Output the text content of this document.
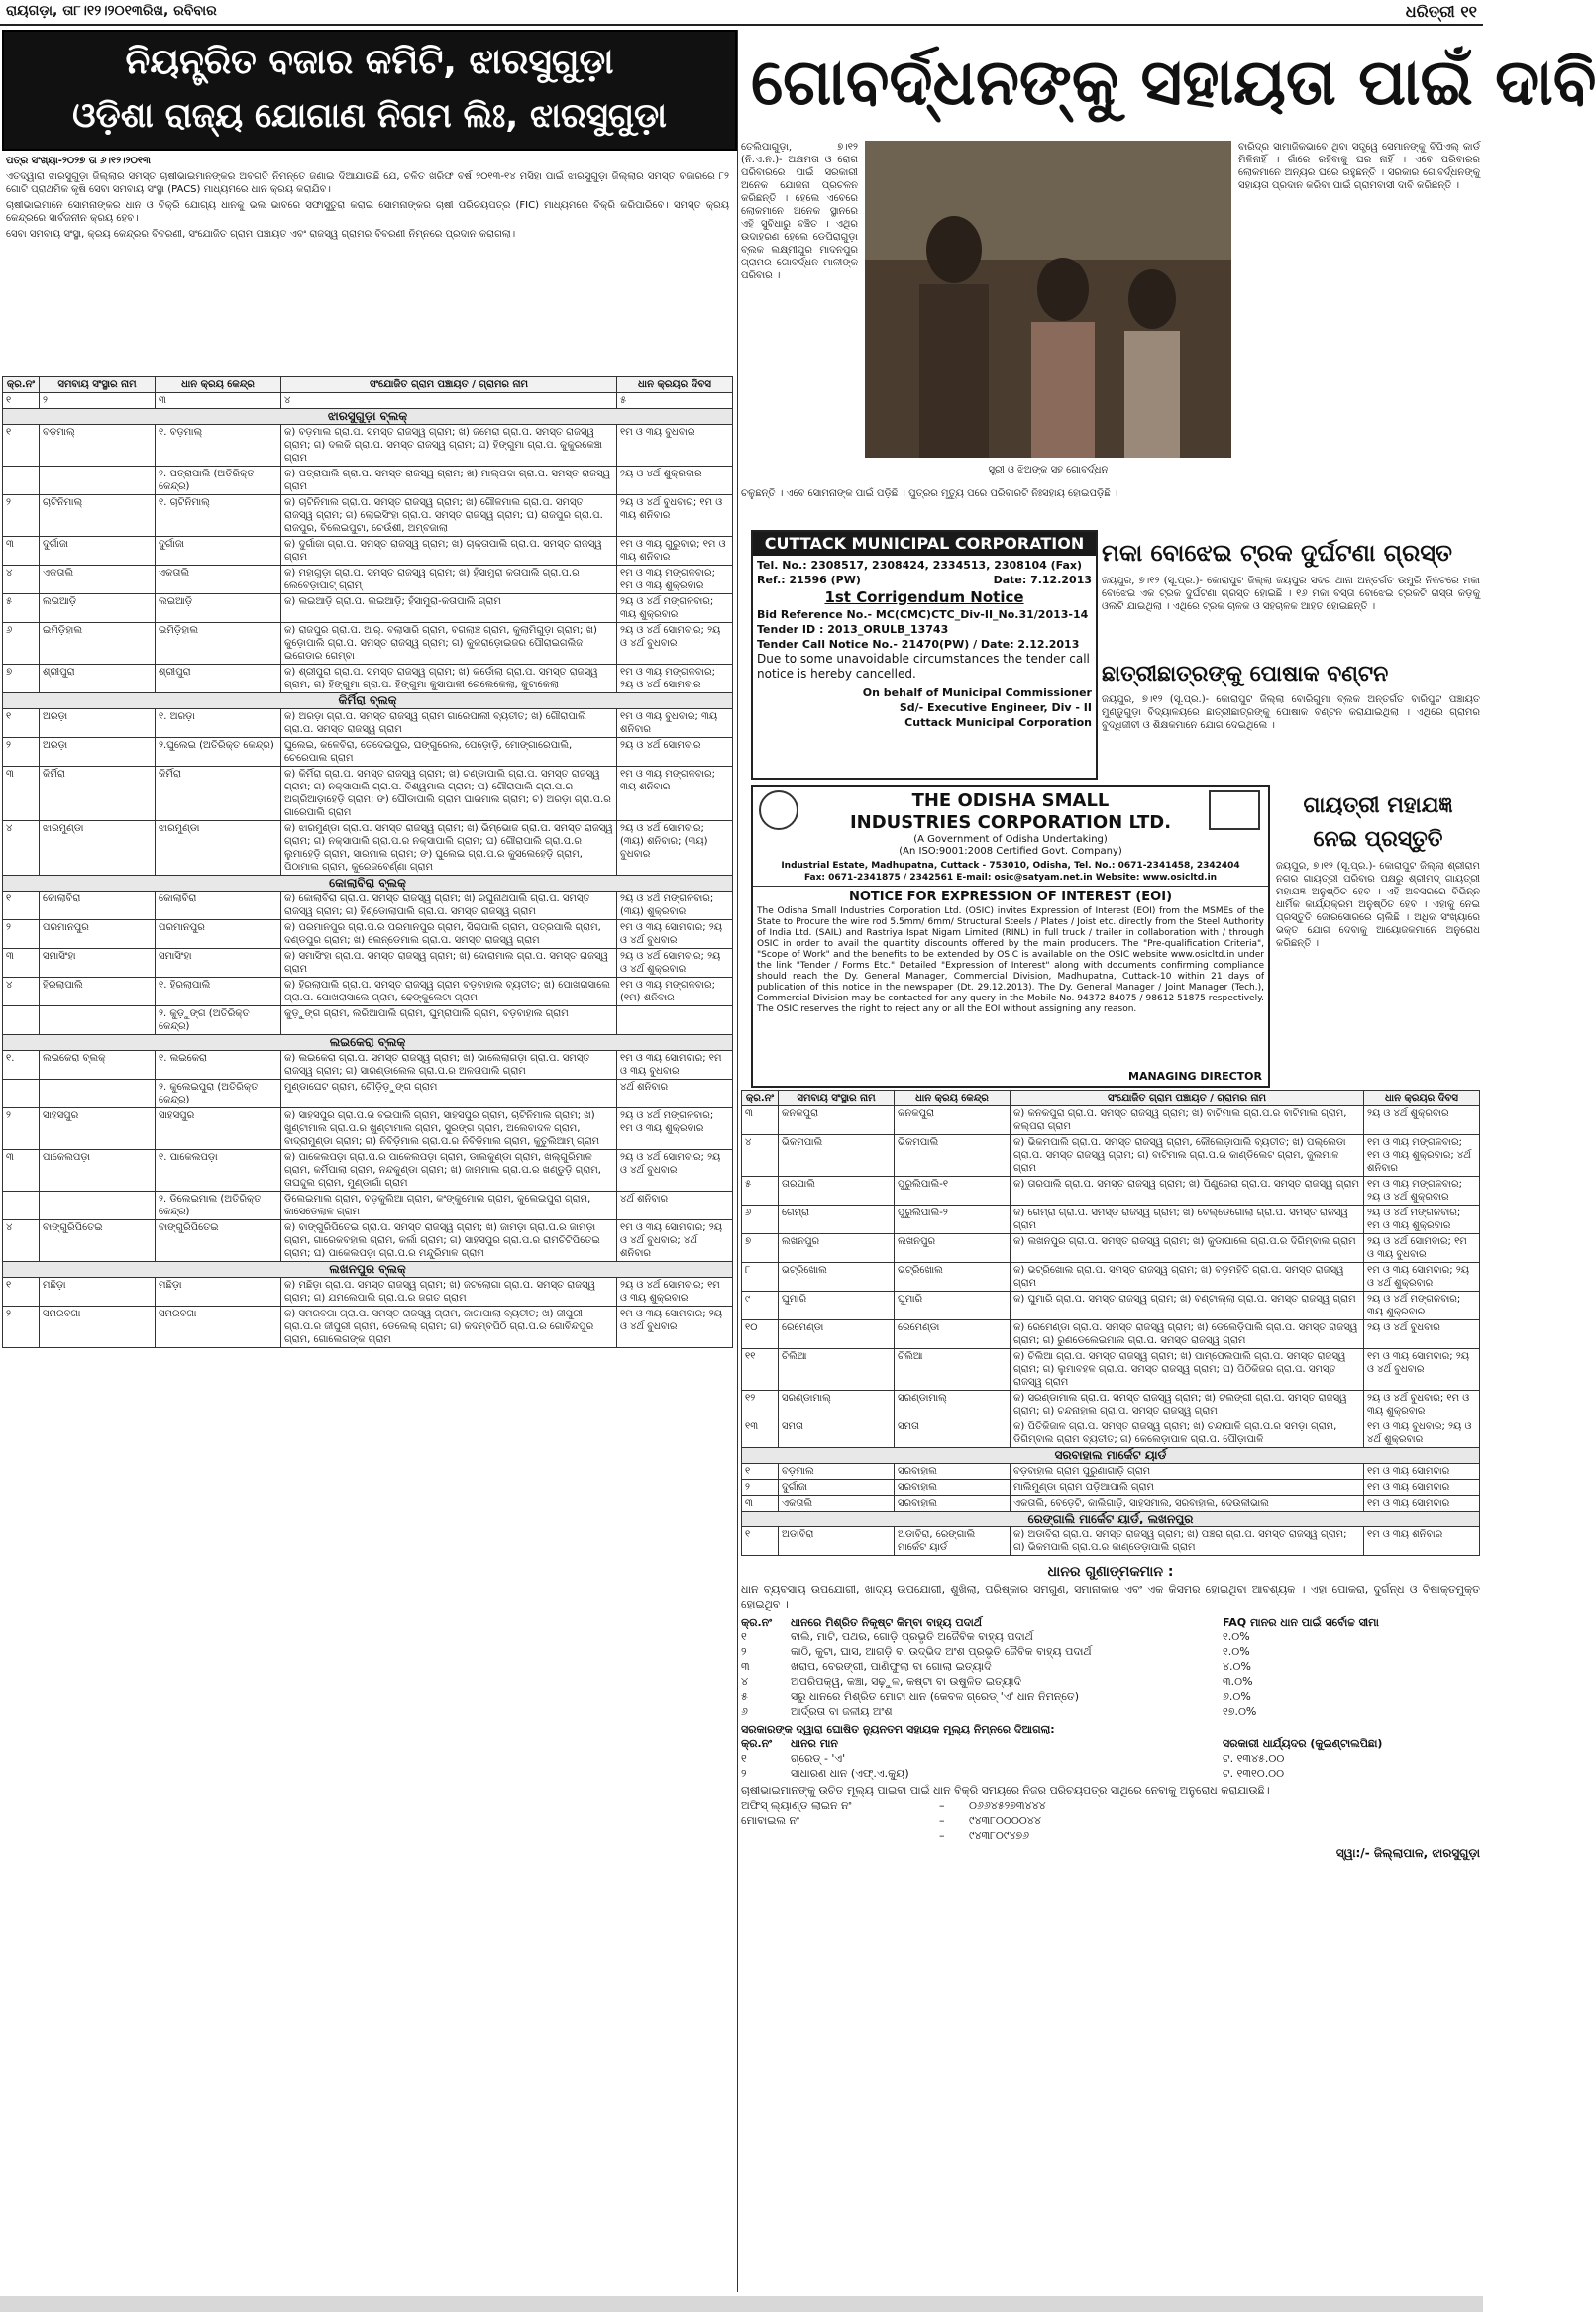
ରାୟଗଡ଼ା, ତା୮।୧୨।୨୦୧୩ରିଖ, ରବିବାର	ଧରିତ୍ରୀ ୧୧
ନିୟନ୍ତ୍ରିତ ବଜାର କମିଟି, ଝାରସୁଗୁଡ଼ା
ଓଡ଼ିଶା ରାଜ୍ୟ ଯୋଗାଣ ନିଗମ ଲିଃ, ଝାରସୁଗୁଡ଼ା
ପତ୍ର ସଂଖ୍ୟା-୨୦୨୭ ତା ୬।୧୨।୨୦୧୩
ଏତଦ୍ୱାରା ଝାରସୁଗୁଡ଼ା ଜିଲ୍ଲାର ସମସ୍ତ ଚାଷୀଭାଇମାନଙ୍କର ଅବଗତି ନିମନ୍ତେ ଜଣାଇ ଦିଆଯାଉଛି ଯେ, ଚଳିତ ଖରିଫ ବର୍ଷ ୨୦୧୩-୧୪ ମସିହା ପାଇଁ ଝାରସୁଗୁଡ଼ା ଜିଲ୍ଲାର ସମସ୍ତ ବଜାରରେ ୮୨ ଗୋଟି ପ୍ରାଥମିକ କୃଷି ସେବା ସମବାୟ ସଂସ୍ଥା (PACS) ମାଧ୍ୟମରେ ଧାନ କ୍ରୟ କରାଯିବ।
ଚାଷୀଭାଇମାନେ ସୋମନାଙ୍କର ଧାନ ଓ ବିକ୍ରି ଯୋଗ୍ୟ ଧାନକୁ ଭଲ ଭାବରେ ସଫାସୁତୁରା କରାଇ ସୋମନାଙ୍କର ଚାଷୀ ପରିଚୟପତ୍ର (FIC) ମାଧ୍ୟମରେ ବିକ୍ରି କରିପାରିବେ। ସମସ୍ତ କ୍ରୟ କେନ୍ଦ୍ରରେ ସାର୍ବଜନୀନ କ୍ରୟ ହେବ।
ସେବା ସମବାୟ ସଂସ୍ଥା, କ୍ରୟ କେନ୍ଦ୍ରର ବିବରଣୀ, ସଂଯୋଜିତ ଗ୍ରାମ ପଞ୍ଚାୟତ ଏବଂ ରାଜସ୍ୱ ଗ୍ରାମର ବିବରଣୀ ନିମ୍ନରେ ପ୍ରଦାନ କରାଗଲା।
କ୍ର.ନଂ	ସମବାୟ ସଂସ୍ଥାର ନାମ	ଧାନ କ୍ରୟ କେନ୍ଦ୍ର	ସଂଯୋଜିତ ଗ୍ରାମ ପଞ୍ଚାୟତ / ଗ୍ରାମର ନାମ	ଧାନ କ୍ରୟର ଦିବସ
୧	୨	୩	୪	୫
ଝାରସୁଗୁଡ଼ା ବ୍ଲକ୍				
୧	ବଡ଼ମାଲ୍	୧. ବଡ଼ମାଲ୍	କ) ବଡ଼ମାଲ ଗ୍ରା.ପ. ସମସ୍ତ ରାଜସ୍ୱ ଗ୍ରାମ; ଖ) ଜମେରା ଗ୍ରା.ପ. ସମସ୍ତ ରାଜସ୍ୱ ଗ୍ରାମ; ଗ) ଦଲକି ଗ୍ରା.ପ. ସମସ୍ତ ରାଜସ୍ୱ ଗ୍ରାମ; ଘ) ହିଙ୍ଗୁମା ଗ୍ରା.ପ. କୁକୁରକେଞ୍ଚା ଗ୍ରାମ	୧ମ ଓ ୩ୟ ବୁଧବାର
		୨. ପତ୍ରାପାଲି (ଅତିରିକ୍ତ କେନ୍ଦ୍ର)	କ) ପତ୍ରାପାଲି ଗ୍ରା.ପ. ସମସ୍ତ ରାଜସ୍ୱ ଗ୍ରାମ; ଖ) ମାଲ୍ପଦା ଗ୍ରା.ପ. ସମସ୍ତ ରାଜସ୍ୱ ଗ୍ରାମ	୨ୟ ଓ ୪ର୍ଥ ଶୁକ୍ରବାର
୨	ଚାଟିନିମାଲ୍	୧. ଚାଟିନିମାଲ୍	କ) ଚାଟିନିମାଲ ଗ୍ରା.ପ. ସମସ୍ତ ରାଜସ୍ୱ ଗ୍ରାମ; ଖ) ଗୌଳମାଲ ଗ୍ରା.ପ. ସମସ୍ତ ରାଜସ୍ୱ ଗ୍ରାମ; ଗ) ଲୋଇସିଂହା ଗ୍ରା.ପ. ସମସ୍ତ ରାଜସ୍ୱ ଗ୍ରାମ; ଘ) ରାଜପୁର ଗ୍ରା.ପ. ରାଜପୁର, ବିଲେଇପୁଟା, ଚେଉଁଶୀ, ଅମ୍ବଜାଲା	୨ୟ ଓ ୪ର୍ଥ ବୁଧବାର; ୧ମ ଓ ୩ୟ ଶନିବାର
୩	ଦୁର୍ଗାଜା	ଦୁର୍ଗାଜା	କ) ଦୁର୍ଗାଜା ଗ୍ରା.ପ. ସମସ୍ତ ରାଜସ୍ୱ ଗ୍ରାମ; ଖ) ଚାକ୍ତାପାଲି ଗ୍ରା.ପ. ସମସ୍ତ ରାଜସ୍ୱ ଗ୍ରାମ	୧ମ ଓ ୩ୟ ଗୁରୁବାର; ୧ମ ଓ ୩ୟ ଶନିବାର
୪	ଏକତାଲି	ଏକତାଲି	କ) ମହାଗୁଡ଼ା ଗ୍ରା.ପ. ସମସ୍ତ ରାଜସ୍ୱ ଗ୍ରାମ; ଖ) ହଁସାମୁରା କତାପାଲି ଗ୍ରା.ପ.ର ଲେବେଡ଼ାପାଟ୍ ଗ୍ରାମ୍	୧ମ ଓ ୩ୟ ମଙ୍ଗଳବାର; ୧ମ ଓ ୩ୟ ଶୁକ୍ରବାର
୫	ଲଇଆଡ଼ି	ଲଇଆଡ଼ି	କ) ଲଇଆଡ଼ି ଗ୍ରା.ପ. ଲଇଆଡ଼ି; ହଁସାମୁରା-କତାପାଲି ଗ୍ରାମ	୨ୟ ଓ ୪ର୍ଥ ମଙ୍ଗଳବାର; ୩ୟ ଶୁକ୍ରବାର
୬	ଇମିଡ଼ିହାଲ	ଇମିଡ଼ିହାଲ	କ) ରାଜପୁର ଗ୍ରା.ପ. ଆର୍. ବଲାସାରି ଗ୍ରାମ, ବଗଲାଞ୍ଚ ଗ୍ରାମ, କୁଲାମିଗୁଡ଼ା ଗ୍ରାମ; ଖ) କୁଡ଼ୋପାଲି ଗ୍ରା.ପ. ସମସ୍ତ ରାଜସ୍ୱ ଗ୍ରାମ; ଗ) କୁକରାଡ଼ୋଇଜର ପୌରାଇଗଲିଜ ଇଗେଡାର ଗେମ୍ବା	୨ୟ ଓ ୪ର୍ଥ ସୋମବାର; ୨ୟ ଓ ୪ର୍ଥ ବୁଧବାର
୭	ଶ୍ରୀପୁରା	ଶ୍ରୀପୁରା	କ) ଶ୍ରୀପୁରା ଗ୍ରା.ପ. ସମସ୍ତ ରାଜସ୍ୱ ଗ୍ରାମ; ଖ) କର୍ଡୋଲା ଗ୍ରା.ପ. ସମସ୍ତ ରାଜସ୍ୱ ଗ୍ରାମ; ଗ) ହିଙ୍ଗୁମା ଗ୍ରା.ପ. ହିଙ୍ଗୁମା କୁସାପାଳୀ ରେଲେକେଲା, କୁଟାକେଲା	୧ମ ଓ ୩ୟ ମଙ୍ଗଳବାର; ୨ୟ ଓ ୪ର୍ଥ ସୋମବାର
କିର୍ମିରା ବ୍ଲକ୍				
୧	ଅରଡ଼ା	୧. ଅରଡ଼ା	କ) ଅରଡ଼ା ଗ୍ରା.ପ. ସମସ୍ତ ରାଜସ୍ୱ ଗ୍ରାମ ଗାରେପାଲୀ ବ୍ୟତୀତ; ଖ) ଗୌରାପାଲି ଗ୍ରା.ପ. ସମସ୍ତ ରାଜସ୍ୱ ଗ୍ରାମ	୧ମ ଓ ୩ୟ ବୁଧବାର; ୩ୟ ଶନିବାର
୨	ଅରଡ଼ା	୨.ଘୁଲେଇ (ଅତିରିକ୍ତ କେନ୍ଦ୍ର)	ଘୁଲେଇ, କଳେବିରା, ତେଦେଇପୁର, ଘଙ୍ଗୁରେଲ, ପେଡ଼ୋଡ଼ି, ମୋଙ୍ଗାରେପାଲି, ଚେରେପାଲ ଗ୍ରାମ	୨ୟ ଓ ୪ର୍ଥ ସୋମବାର
୩	କିର୍ମିରା	କିର୍ମିରା	କ) କିର୍ମିରା ଗ୍ରା.ପ. ସମସ୍ତ ରାଜସ୍ୱ ଗ୍ରାମ; ଖ) ଚଣ୍ଡାପାଲି ଗ୍ରା.ପ. ସମସ୍ତ ରାଜସ୍ୱ ଗ୍ରାମ; ଗ) ନକ୍ସାପାଲି ଗ୍ରା.ପ. ବିଶ୍ୱମାଲ ଗ୍ରାମ; ଘ) ଗୌରାପାଲି ଗ୍ରା.ପ.ର ଅଗ୍ରିଆଡ଼ାହେଡ଼ି ଗ୍ରାମ; ଙ) ଘୌଡାପାଲି ଗ୍ରାମ ଘାରମାଲ ଗ୍ରାମ; ଚ) ଅରଡ଼ା ଗ୍ରା.ପ.ର ଗାରେପାଲି ଗ୍ରାମ	୧ମ ଓ ୩ୟ ମଙ୍ଗଳବାର; ୩ୟ ଶନିବାର
୪	ଝାରମୁଣ୍ଡା	ଝାରମୁଣ୍ଡା	କ) ଝାରମୁଣ୍ଡା ଗ୍ରା.ପ. ସମସ୍ତ ରାଜସ୍ୱ ଗ୍ରାମ; ଖ) ଭିମ୍ଭୋଜ ଗ୍ରା.ପ. ସମସ୍ତ ରାଜସ୍ୱ ଗ୍ରାମ; ଗ) ନକ୍ସାପାଲି ଗ୍ରା.ପ.ର ନକ୍ସାପାଲି ଗ୍ରାମ; ଘ) ଗୌରାପାଲି ଗ୍ରା.ପ.ର ଲୁମାହେଡ଼ି ଗ୍ରାମ, ସାରମାଲ ଗ୍ରାମ; ଙ) ଘୁଲେଇ ଗ୍ରା.ପ.ର କୁସଲେହେଡ଼ି ଗ୍ରାମ, ପିଠାମାଲ ଗ୍ରାମ, କୁରେଜବେର୍ଣ୍ଣା ଗ୍ରାମ	୨ୟ ଓ ୪ର୍ଥ ସୋମବାର; (୩ୟ) ଶନିବାର; (୩ୟ) ବୁଧବାର
କୋଲାବିରା ବ୍ଲକ୍				
୧	କୋଲାବିରା	କୋଲାବିରା	କ) କୋଲାବିରା ଗ୍ରା.ପ. ସମସ୍ତ ରାଜସ୍ୱ ଗ୍ରାମ; ଖ) ରଘୁନାଥପାଲି ଗ୍ରା.ପ. ସମସ୍ତ ରାଜସ୍ୱ ଗ୍ରାମ; ଗ) ହିଣ୍ଡୋଲାପାଲି ଗ୍ରା.ପ. ସମସ୍ତ ରାଜସ୍ୱ ଗ୍ରାମ	୨ୟ ଓ ୪ର୍ଥ ମଙ୍ଗଳବାର; (୩ୟ) ଶୁକ୍ରବାର
୨	ପରମାନପୁର	ପରମାନପୁର	କ) ପରମାନପୁର ଗ୍ରା.ପ.ର ପରମାନପୁର ଗ୍ରାମ, ସିରାପାଲି ଗ୍ରାମ, ପତ୍ରପାଲି ଗ୍ରାମ, ଦଣ୍ଡପୁର ଗ୍ରାମ; ଖ) ଲେନ୍ଡେମାଲ ଗ୍ରା.ପ. ସମସ୍ତ ରାଜସ୍ୱ ଗ୍ରାମ	୧ମ ଓ ୩ୟ ସୋମବାର; ୨ୟ ଓ ୪ର୍ଥ ବୁଧବାର
୩	ସମାସିଂହା	ସମାସିଂହା	କ) ସମାସିଂହା ଗ୍ରା.ପ. ସମସ୍ତ ରାଜସ୍ୱ ଗ୍ରାମ; ଖ) ଦୋରାମାଲ ଗ୍ରା.ପ. ସମସ୍ତ ରାଜସ୍ୱ ଗ୍ରାମ	୨ୟ ଓ ୪ର୍ଥ ସୋମବାର; ୨ୟ ଓ ୪ର୍ଥ ଶୁକ୍ରବାର
୪	ହିରଲାପାଲି	୧. ହିରଲାପାଲି	କ) ହିରଲାପାଲି ଗ୍ରା.ପ. ସମସ୍ତ ରାଜସ୍ୱ ଗ୍ରାମ ବଡ଼ବାହାଲ ବ୍ୟତୀତ; ଖ) ପୋଖରାସାଲେ ଗ୍ରା.ପ. ପୋଖରାସାଲେ ଗ୍ରାମ, ଢେଙ୍କୁଲେଟା ଗ୍ରାମ	୧ମ ଓ ୩ୟ ମଙ୍ଗଳବାର; (୧ମ) ଶନିବାର
		୨. କୁଡ଼ୁଙ୍ଗ (ଅତିରିକ୍ତ କେନ୍ଦ୍ର)	କୁଡ଼ୁଙ୍ଗ ଗ୍ରାମ, ଲରିଆପାଲି ଗ୍ରାମ, ଘୁମ୍ରାପାଲି ଗ୍ରାମ, ବଡ଼ବାହାଲ ଗ୍ରାମ	
ଲଇକେରା ବ୍ଲକ୍				
୧.	ଲଇକେରା ବ୍ଲକ୍	୧. ଲଇକେରା	କ) ଲଇକେରା ଗ୍ରା.ପ. ସମସ୍ତ ରାଜସ୍ୱ ଗ୍ରାମ; ଖ) ଭାଲେଲାଗଡ଼ା ଗ୍ରା.ପ. ସମସ୍ତ ରାଜସ୍ୱ ଗ୍ରାମ; ଗ) ସାରଣ୍ଡାଲେଲ ଗ୍ରା.ପ.ର ଅଳତାପାଲି ଗ୍ରାମ	୧ମ ଓ ୩ୟ ସୋମବାର; ୧ମ ଓ ୩ୟ ବୁଧବାର
		୨. କୁଲେଇପୁରା (ଅତିରିକ୍ତ କେନ୍ଦ୍ର)	ମୁଣ୍ଡାଘେଟ ଗ୍ରାମ, ଗୌଡ଼ିଡ଼ୁଙ୍ଗ ଗ୍ରାମ	୪ର୍ଥ ଶନିବାର
୨	ସାହସପୁର	ସାହସପୁର	କ) ସାହସପୁର ଗ୍ରା.ପ.ର ବଇପାଲି ଗ୍ରାମ, ସାହସପୁର ଗ୍ରାମ, ଚାଟିନିମାଲ ଗ୍ରାମ; ଖ) ଖୁଣ୍ଟାମାଲ ଗ୍ରା.ପ.ର ଖୁଣ୍ଟାମାଲ ଗ୍ରାମ, ସୁରଙ୍ଗ ଗ୍ରାମ, ଅଲେବାଦଳ ଗ୍ରାମ, ବାଦ୍ରାମୁଣ୍ଡା ଗ୍ରାମ; ଗ) ନିବିଡ଼ିମାଲ ଗ୍ରା.ପ.ର ନିବିଡ଼ିମାଲ ଗ୍ରାମ, କୁତୁଲିଆମ୍ ଗ୍ରାମ	୨ୟ ଓ ୪ର୍ଥ ମଙ୍ଗଳବାର; ୧ମ ଓ ୩ୟ ଶୁକ୍ରବାର
୩	ପାକେଲପଡ଼ା	୧. ପାକେଲପଡ଼ା	କ) ପାକେଲପଡ଼ା ଗ୍ରା.ପ.ର ପାକେଲପଡ଼ା ଗ୍ରାମ, ଡାଲକୁଣ୍ଡା ଗ୍ରାମ, ଖଲ୍ଗୁରିମାଳ ଗ୍ରାମ, କର୍ମିପାଲା ଗ୍ରାମ, ନନ୍ଦକୁଣ୍ଡା ଗ୍ରାମ; ଖ) ଜାମମାଲ ଗ୍ରା.ପ.ର ଖଣ୍ଡୁଡ଼ି ଗ୍ରାମ, ତାଘଦ୍ଦୁଲ ଗ୍ରାମ, ମୁଣ୍ଡାଗାଁ ଗ୍ରାମ	୨ୟ ଓ ୪ର୍ଥ ସୋମବାର; ୨ୟ ଓ ୪ର୍ଥ ବୁଧବାର
		୨. ଡିଲେଇମାଲ (ଅତିରିକ୍ତ କେନ୍ଦ୍ର)	ଡିଲେଇମାଲ ଗ୍ରାମ, ବଡ଼କୁଲିଆ ଗ୍ରାମ, କଂଙ୍କୁମୋଲ ଗ୍ରାମ, କୁଲେଇପୁରା ଗ୍ରାମ, କାସେଡେଲାଳ ଗ୍ରାମ	୪ର୍ଥ ଶନିବାର
୪	ବାଙ୍ଗୁରିପିତେଇ	ବାଙ୍ଗୁରିପିତେଇ	କ) ବାଙ୍ଗୁରିପିତେଇ ଗ୍ରା.ପ. ସମସ୍ତ ରାଜସ୍ୱ ଗ୍ରାମ; ଖ) ଜାମଡ଼ା ଗ୍ରା.ପ.ର ଜାମଡ଼ା ଗ୍ରାମ, ଗାରେକବହାଲ ଗ୍ରାମ, କର୍ଲା ଗ୍ରାମ; ଗ) ସାହସପୁର ଗ୍ରା.ପ.ର ରାମଚିଟିପିତେଇ ଗ୍ରାମ; ଘ) ପାକେଲପଡ଼ା ଗ୍ରା.ପ.ର ମନ୍ଦୁରିମାଳ ଗ୍ରାମ	୧ମ ଓ ୩ୟ ସୋମବାର; ୨ୟ ଓ ୪ର୍ଥ ବୁଧବାର; ୪ର୍ଥ ଶନିବାର
ଲଖନପୁର ବ୍ଲକ୍				
୧	ମଛିଡ଼ା	ମଛିଡ଼ା	କ) ମଛିଡ଼ା ଗ୍ରା.ପ. ସମସ୍ତ ରାଜସ୍ୱ ଗ୍ରାମ; ଖ) ଜଟଲୋଗା ଗ୍ରା.ପ. ସମସ୍ତ ରାଜସ୍ୱ ଗ୍ରାମ; ଗ) ଯମଲେପାଲି ଗ୍ରା.ପ.ର ଜଗତ ଗ୍ରାମ	୨ୟ ଓ ୪ର୍ଥ ସୋମବାର; ୧ମ ଓ ୩ୟ ଶୁକ୍ରବାର
୨	ସମରବଗା	ସମରବଗା	କ) ସମରବଗା ଗ୍ରା.ପ. ସମସ୍ତ ରାଜସ୍ୱ ଗ୍ରାମ, ଜାଗାପାଲା ବ୍ୟତୀତ; ଖ) ଜୀପୁରୀ ଗ୍ରା.ପ.ର ଜୀପୁରୀ ଗ୍ରାମ, ଡେଲେଲ୍ ଗ୍ରାମ; ଗ) କଦମ୍ବପିଠି ଗ୍ରା.ପ.ର ଗୋବିନ୍ଦପୁର ଗ୍ରାମ, ଗୋଲେଗଙ୍କ ଗ୍ରାମ	୧ମ ଓ ୩ୟ ସୋମବାର; ୨ୟ ଓ ୪ର୍ଥ ବୁଧବାର
ଗୋବର୍ଦ୍ଧନଙ୍କୁ ସହାୟତା ପାଇଁ ଦାବି
ତେଲିପାଗୁଡ଼ା, ୭।୧୨ (ନି.ଏ.ନ.)- ଅକ୍ଷମତା ଓ ରୋଗ ପରିବାରରେ ପାଇଁ ସରକାରୀ ଅନେକ ଯୋଜନା ପ୍ରଚଳନ କରିଛନ୍ତି । ହେଲେ ଏବେରେ ଲୋକମାନେ ଅନେକ ସ୍ଥାନରେ ଏହି ସୁବିଧାରୁ ବଞ୍ଚିତ । ଏଥିର ଉଦାହରଣ ହେଲେ ଡେପିରାଗୁଡ଼ା ବ୍ଲକ ଲକ୍ଷ୍ମୀପୁର ମାଦନପୁର ଗ୍ରାମର ଗୋବର୍ଦ୍ଧନ ମାଳୀଙ୍କ ପରିବାର ।
ସ୍ତ୍ରୀ ଓ ଝିଅଙ୍କ ସହ ଗୋବର୍ଦ୍ଧନ
ବାରିଦ୍ର ସାମାଜିକଭାବେ ଥିବା ସତ୍ତ୍ୱେ ସେମାନଙ୍କୁ ବିପିଏଲ୍ କାର୍ଡ ମିଳିନାହିଁ । ଗାଁରେ ରହିବାକୁ ଘର ନାହିଁ । ଏବେ ପରିବାରର ଲୋକମାନେ ଅନ୍ୟର ଘରେ ରହୁଛନ୍ତି । ସରକାର ଗୋବର୍ଦ୍ଧନଙ୍କୁ ସହାୟତା ପ୍ରଦାନ କରିବା ପାଇଁ ଗ୍ରାମବାସୀ ଦାବି କରିଛନ୍ତି ।
ଚଳୁଛନ୍ତି । ଏବେ ସୋମନାଙ୍କ ପାଇଁ ପଡ଼ିଛି । ପୁତ୍ରର ମୃତ୍ୟୁ ପରେ ପରିବାରଟି ନିଃସହାୟ ହୋଇପଡ଼ିଛି ।
CUTTACK MUNICIPAL CORPORATION
Tel. No.: 2308517, 2308424, 2334513, 2308104 (Fax)
Ref.: 21596 (PW)	Date: 7.12.2013
1st Corrigendum Notice
Bid Reference No.- MC(CMC)CTC_Div-II_No.31/2013-14
Tender ID : 2013_ORULB_13743
Tender Call Notice No.- 21470(PW) / Date: 2.12.2013
Due to some unavoidable circumstances the tender call notice is hereby cancelled.
On behalf of Municipal Commissioner
Sd/- Executive Engineer, Div - II
Cuttack Municipal Corporation
ମକା ବୋଝେଇ ଟ୍ରକ ଦୁର୍ଘଟଣା ଗ୍ରସ୍ତ
ଜୟପୁର, ୭।୧୨ (ସୂ.ପ୍ର.)- କୋରାପୁଟ ଜିଲ୍ଲା ଜୟପୁର ସଦର ଥାନା ଅନ୍ତର୍ଗତ ଉମୁରି ନିକଟରେ ମକା ବୋଝେଇ ଏକ ଟ୍ରକ ଦୁର୍ଘଟଣା ଗ୍ରସ୍ତ ହୋଇଛି । ୧୬ ମକା ବସ୍ତା ବୋଝେଇ ଟ୍ରକଟି ରାସ୍ତା କଡ଼କୁ ଓଲଟି ଯାଇଥିଲା । ଏଥିରେ ଟ୍ରକ ଚାଳକ ଓ ସହଚାଳକ ଆହତ ହୋଇଛନ୍ତି ।
ଛାତ୍ରୀଛାତ୍ରଙ୍କୁ ପୋଷାକ ବଣ୍ଟନ
ଜୟପୁର, ୭।୧୨ (ସୂ.ପ୍ର.)- କୋରାପୁଟ ଜିଲ୍ଲା ବୋରିଗୁମା ବ୍ଲକ ଅନ୍ତର୍ଗତ ବାରିପୁଟ ପଞ୍ଚାୟତ ମୁଣ୍ଡୁଗୁଡ଼ା ବିଦ୍ୟାଳୟରେ ଛାତ୍ରୀଛାତ୍ରଙ୍କୁ ପୋଷାକ ବଣ୍ଟନ କରାଯାଇଥିଲା । ଏଥିରେ ଗ୍ରାମର ବୁଦ୍ଧିଜୀବୀ ଓ ଶିକ୍ଷକମାନେ ଯୋଗ ଦେଇଥିଲେ ।
THE ODISHA SMALL
INDUSTRIES CORPORATION LTD.
(A Government of Odisha Undertaking)
(An ISO:9001:2008 Certified Govt. Company)
Industrial Estate, Madhupatna, Cuttack - 753010, Odisha, Tel. No.: 0671-2341458, 2342404
Fax: 0671-2341875 / 2342561 E-mail: osic@satyam.net.in Website: www.osicltd.in
NOTICE FOR EXPRESSION OF INTEREST (EOI)
The Odisha Small Industries Corporation Ltd. (OSIC) invites Expression of Interest (EOI) from the MSMEs of the State to Procure the wire rod 5.5mm/ 6mm/ Structural Steels / Plates / Joist etc. directly from the Steel Authority of India Ltd. (SAIL) and Rastriya Ispat Nigam Limited (RINL) in full truck / trailer in collaboration with / through OSIC in order to avail the quantity discounts offered by the main producers. The "Pre-qualification Criteria", "Scope of Work" and the benefits to be extended by OSIC is available on the OSIC website www.osicltd.in under the link "Tender / Forms Etc." Detailed "Expression of Interest" along with documents confirming compliance should reach the Dy. General Manager, Commercial Division, Madhupatna, Cuttack-10 within 21 days of publication of this notice in the newspaper (Dt. 29.12.2013). The Dy. General Manager / Joint Manager (Tech.), Commercial Division may be contacted for any query in the Mobile No. 94372 84075 / 98612 51875 respectively. The OSIC reserves the right to reject any or all the EOI without assigning any reason.
MANAGING DIRECTOR
ଗାୟତ୍ରୀ ମହାଯଜ୍ଞ
ନେଇ ପ୍ରସ୍ତୁତି
ଜୟପୁର, ୭।୧୨ (ସୂ.ପ୍ର.)- କୋରାପୁଟ ଜିଲ୍ଲା ଶ୍ରୀରାମ ନଗର ଗାୟତ୍ରୀ ପରିବାର ପକ୍ଷରୁ ଶ୍ରୀମଦ୍ ଗାୟତ୍ରୀ ମହାଯଜ୍ଞ ଅନୁଷ୍ଠିତ ହେବ । ଏହି ଅବସରରେ ବିଭିନ୍ନ ଧାର୍ମିକ କାର୍ଯ୍ୟକ୍ରମ ଅନୁଷ୍ଠିତ ହେବ । ଏହାକୁ ନେଇ ପ୍ରସ୍ତୁତି ଜୋରସୋରରେ ଚାଲିଛି । ଅଧିକ ସଂଖ୍ୟାରେ ଭକ୍ତ ଯୋଗ ଦେବାକୁ ଆୟୋଜକମାନେ ଅନୁରୋଧ କରିଛନ୍ତି ।
କ୍ର.ନଂ	ସମବାୟ ସଂସ୍ଥାର ନାମ	ଧାନ କ୍ରୟ କେନ୍ଦ୍ର	ସଂଯୋଜିତ ଗ୍ରାମ ପଞ୍ଚାୟତ / ଗ୍ରାମର ନାମ	ଧାନ କ୍ରୟର ଦିବସ
୩	କନକପୁରା	କନକପୁରା	କ) କନକପୁରା ଗ୍ରା.ପ. ସମସ୍ତ ରାଜସ୍ୱ ଗ୍ରାମ; ଖ) ବାଟିମାଲ ଗ୍ରା.ପ.ର ବାଟିମାଲ ଗ୍ରାମ, କଲ୍ପରା ଗ୍ରାମ	୨ୟ ଓ ୪ର୍ଥ ଶୁକ୍ରବାର
୪	ଭିକମପାଲି	ଭିକମପାଲି	କ) ଭିକମପାଲି ଗ୍ରା.ପ. ସମସ୍ତ ରାଜସ୍ୱ ଗ୍ରାମ, କୌଲେଡ଼ାପାଲି ବ୍ୟତୀତ; ଖ) ପଲ୍ଲେଡା ଗ୍ରା.ପ. ସମସ୍ତ ରାଜସ୍ୱ ଗ୍ରାମ; ଗ) ବାଟିମାଲ ଗ୍ରା.ପ.ର କାଣ୍ଡିଲେଟ ଗ୍ରାମ, ଜୁଲମାଳ ଗ୍ରାମ	୧ମ ଓ ୩ୟ ମଙ୍ଗଳବାର; ୧ମ ଓ ୩ୟ ଶୁକ୍ରବାର; ୪ର୍ଥ ଶନିବାର
୫	ତାରପାଲି	ପୁରୁଲିପାଲି-୧	କ) ତାରପାଲି ଗ୍ରା.ପ. ସମସ୍ତ ରାଜସ୍ୱ ଗ୍ରାମ; ଖ) ପିଣ୍ଡ୍ରେରା ଗ୍ରା.ପ. ସମସ୍ତ ରାଜସ୍ୱ ଗ୍ରାମ	୧ମ ଓ ୩ୟ ମଙ୍ଗଳବାର; ୨ୟ ଓ ୪ର୍ଥ ଶୁକ୍ରବାର
୬	ଗେମ୍ରା	ପୁରୁଲିପାଲି-୨	କ) ଗେମ୍ରା ଗ୍ରା.ପ. ସମସ୍ତ ରାଜସ୍ୱ ଗ୍ରାମ; ଖ) ବେଲ୍ଡେଗୋଲା ଗ୍ରା.ପ. ସମସ୍ତ ରାଜସ୍ୱ ଗ୍ରାମ	୨ୟ ଓ ୪ର୍ଥ ମଙ୍ଗଳବାର; ୧ମ ଓ ୩ୟ ଶୁକ୍ରବାର
୭	ଲଖନପୁର	ଲଖନପୁର	କ) ଲଖନପୁର ଗ୍ରା.ପ. ସମସ୍ତ ରାଜସ୍ୱ ଗ୍ରାମ; ଖ) କୁଡାପାଲେ ଗ୍ରା.ପ.ର ଦିଗିମ୍ବାଲ ଗ୍ରାମ	୨ୟ ଓ ୪ର୍ଥ ସୋମବାର; ୧ମ ଓ ୩ୟ ବୁଧବାର
୮	ଭଟ୍ରିଖୋଲ	ଭଟ୍ରିଖୋଲ	କ) ଭଟ୍ରିଖୋଲ ଗ୍ରା.ପ. ସମସ୍ତ ରାଜସ୍ୱ ଗ୍ରାମ; ଖ) ବଡ଼ମହିତି ଗ୍ରା.ପ. ସମସ୍ତ ରାଜସ୍ୱ ଗ୍ରାମ	୧ମ ଓ ୩ୟ ସୋମବାର; ୨ୟ ଓ ୪ର୍ଥ ଶୁକ୍ରବାର
୯	ଘୁମାରି	ଘୁମାରି	କ) ଘୁମାରି ଗ୍ରା.ପ. ସମସ୍ତ ରାଜସ୍ୱ ଗ୍ରାମ; ଖ) ବଣ୍ଟାଲ୍ଲା ଗ୍ରା.ପ. ସମସ୍ତ ରାଜସ୍ୱ ଗ୍ରାମ	୨ୟ ଓ ୪ର୍ଥ ମଙ୍ଗଳବାର; ୩ୟ ଶୁକ୍ରବାର
୧୦	ରେମେଣ୍ଡା	ରେମେଣ୍ଡା	କ) ରେମେଣ୍ଡା ଗ୍ରା.ପ. ସମସ୍ତ ରାଜସ୍ୱ ଗ୍ରାମ; ଖ) ଡେଲେଡ଼ିପାଲି ଗ୍ରା.ପ. ସମସ୍ତ ରାଜସ୍ୱ ଗ୍ରାମ; ଗ) ରୁଣଡେଲେଇମାଲ ଗ୍ରା.ପ. ସମସ୍ତ ରାଜସ୍ୱ ଗ୍ରାମ	୨ୟ ଓ ୪ର୍ଥ ବୁଧବାର
୧୧	ଚିଲିଆ	ଚିଲିଆ	କ) ଚିଲିଆ ଗ୍ରା.ପ. ସମସ୍ତ ରାଜସ୍ୱ ଗ୍ରାମ; ଖ) ପାମ୍ପେଲପାଲି ଗ୍ରା.ପ. ସମସ୍ତ ରାଜସ୍ୱ ଗ୍ରାମ; ଗ) ଲୁମାବହଳ ଗ୍ରା.ପ. ସମସ୍ତ ରାଜସ୍ୱ ଗ୍ରାମ; ଘ) ପିଠିକିଜର ଗ୍ରା.ପ. ସମସ୍ତ ରାଜସ୍ୱ ଗ୍ରାମ	୧ମ ଓ ୩ୟ ସୋମବାର; ୨ୟ ଓ ୪ର୍ଥ ବୁଧବାର
୧୨	ସରଣ୍ଡାମାଲ୍	ସରଣ୍ଡାମାଲ୍	କ) ସରଣ୍ଡାମାଲ ଗ୍ରା.ପ. ସମସ୍ତ ରାଜସ୍ୱ ଗ୍ରାମ; ଖ) ଟଲଙ୍ଗୀ ଗ୍ରା.ପ. ସମସ୍ତ ରାଜସ୍ୱ ଗ୍ରାମ; ଗ) ଚନ୍ଦନାହାଲ ଗ୍ରା.ପ. ସମସ୍ତ ରାଜସ୍ୱ ଗ୍ରାମ	୨ୟ ଓ ୪ର୍ଥ ବୁଧବାର; ୧ମ ଓ ୩ୟ ଶୁକ୍ରବାର
୧୩	ସମତା	ସମତା	କ) ପିତିକିଜାଳ ଗ୍ରା.ପ. ସମସ୍ତ ରାଜସ୍ୱ ଗ୍ରାମ; ଖ) ଚନ୍ଦାପାଳି ଗ୍ରା.ପ.ର ସମଡ଼ା ଗ୍ରାମ, ଡିଗିମ୍ବାଲ ଗ୍ରାମ ବ୍ୟତୀତ; ଗ) କେଲେଡ଼ାପାଳ ଗ୍ରା.ପ. ପୌଡ଼ାପାଳି	୧ମ ଓ ୩ୟ ବୁଧବାର; ୨ୟ ଓ ୪ର୍ଥ ଶୁକ୍ରବାର
ସରବାହାଲ ମାର୍କେଟ ୟାର୍ଡ				
୧	ବଡ଼ମାଲ	ସରବାହାଲ	ବଡ଼ବାହାଲ ଗ୍ରାମ ପୁରୁଣାଗାଡ଼ି ଗ୍ରାମ	୧ମ ଓ ୩ୟ ସୋମବାର
୨	ଦୁର୍ଗାଜା	ସରବାହାଲ	ମାଲିମୁଣ୍ଡା ଗ୍ରାମ ପଡ଼ିଆପାଲି ଗ୍ରାମ	୧ମ ଓ ୩ୟ ସୋମବାର
୩	ଏକତାଲି	ସରବାହାଲ	ଏକତାଲି, ବେଡ଼େଟି, କାଲିଗାଡ଼ି, ସାହସମାଲ, ସରବାହାଲ, ଦେଉଳୀଭାଲ	୧ମ ଓ ୩ୟ ସୋମବାର
ରେଙ୍ଗାଲି ମାର୍କେଟ ୟାର୍ଡ, ଲଖନପୁର				
୧	ଅଡାବିରା	ଅଡାବିରା, ରେଙ୍ଗାଲି ମାର୍କେଟ ୟାର୍ଡ	କ) ଅଡାବିରା ଗ୍ରା.ପ. ସମସ୍ତ ରାଜସ୍ୱ ଗ୍ରାମ; ଖ) ପଞ୍ଚରା ଗ୍ରା.ପ. ସମସ୍ତ ରାଜସ୍ୱ ଗ୍ରାମ; ଗ) ଭିକମପାଲି ଗ୍ରା.ପ.ର କାଣ୍ଡେଡ଼ାପାଲି ଗ୍ରାମ	୧ମ ଓ ୩ୟ ଶନିବାର
ଧାନର ଗୁଣାତ୍ମକମାନ :
ଧାନ ବ୍ୟବସାୟ ଉପଯୋଗୀ, ଖାଦ୍ୟ ଉପଯୋଗୀ, ଶୁଖିଲା, ପରିଷ୍କାର ସମଗୁଣ, ସମାନାକାର ଏବଂ ଏକ କିସମର ହୋଇଥିବା ଆବଶ୍ୟକ । ଏହା ପୋକରା, ଦୁର୍ଗନ୍ଧ ଓ ବିଷାକ୍ତମୁକ୍ତ ହୋଇଥିବ ।
କ୍ର.ନଂ	ଧାନରେ ମିଶ୍ରିତ ନିକୃଷ୍ଟ କିମ୍ବା ବାହ୍ୟ ପଦାର୍ଥ	FAQ ମାନର ଧାନ ପାଇଁ ସର୍ବୋଚ୍ଚ ସୀମା
୧	ବାଲି, ମାଟି, ପଥର, ଗୋଡ଼ି ପ୍ରଭୃତି ଅଜୈବିକ ବାହ୍ୟ ପଦାର୍ଥ	୧.୦%
୨	କାଠି, କୁଟା, ଘାସ, ଆଗଡ଼ି ବା ଉଦ୍ଭିଦ ଅଂଶ ପ୍ରଭୃତି ଜୈବିକ ବାହ୍ୟ ପଦାର୍ଥ	୧.୦%
୩	ଖରାପ, ବେରଙ୍ଗୀ, ପାଣିଫୁଲା ବା ଗୋଲା ଇତ୍ୟାଦି	୪.୦%
୪	ଅପରିପକ୍ୱ, କଞ୍ଚା, ସଢ଼ୁଳ, କଷ୍ଟା ବା ଉଷୁଳିତ ଇତ୍ୟାଦି	୩.୦%
୫	ସରୁ ଧାନରେ ମିଶ୍ରିତ ମୋଟା ଧାନ (କେବଳ ଗ୍ରେଡ୍ 'ଏ' ଧାନ ନିମନ୍ତେ)	୬.୦%
୬	ଆର୍ଦ୍ରତା ବା ଜଳୀୟ ଅଂଶ	୧୭.୦%
ସରକାରଙ୍କ ଦ୍ୱାରା ଘୋଷିତ ନ୍ୟୁନତମ ସହାୟକ ମୂଲ୍ୟ ନିମ୍ନରେ ଦିଆଗଲା:
କ୍ର.ନଂ	ଧାନର ମାନ	ସରକାରୀ ଧାର୍ଯ୍ୟଦର (କୁଇଣ୍ଟାଲପିଛା)
୧	ଗ୍ରେଡ୍ - 'ଏ'	ଟ. ୧୩୪୫.୦୦
୨	ସାଧାରଣ ଧାନ (ଏଫ୍.ଏ.କ୍ୟୁ)	ଟ. ୧୩୧୦.୦୦
ଚାଷୀଭାଇମାନଙ୍କୁ ଉଚିତ ମୂଲ୍ୟ ପାଇବା ପାଇଁ ଧାନ ବିକ୍ରି ସମୟରେ ନିଜର ପରିଚୟପତ୍ର ସାଥିରେ ନେବାକୁ ଅନୁରୋଧ କରାଯାଉଛି।
ଅଫିସ୍ ଲ୍ୟାଣ୍ଡ ଲାଇନ ନଂ	–	୦୬୬୪୫୨୭୩୪୪୪
ମୋବାଇଲ ନଂ	–	୯୪୩୮୦୦୦୦୪୪
–	୯୪୩୮୦୯୪୭୬
ସ୍ୱା:/- ଜିଲ୍ଲାପାଳ, ଝାରସୁଗୁଡ଼ା
